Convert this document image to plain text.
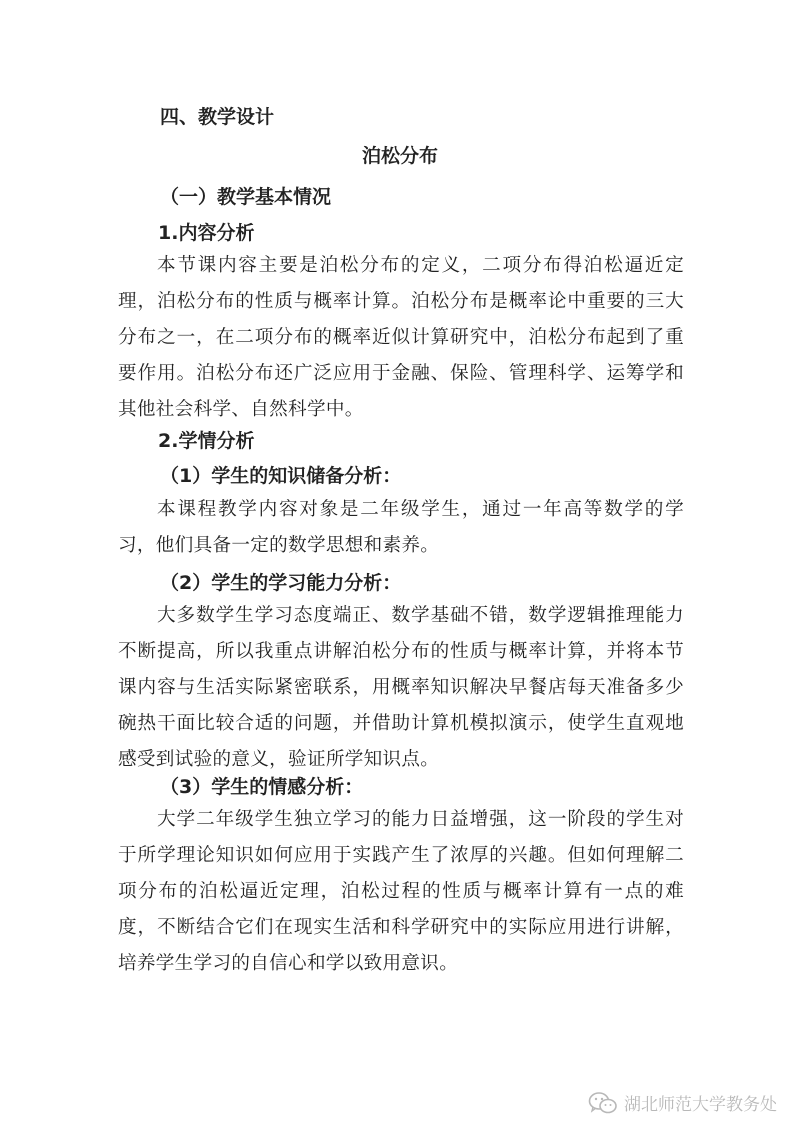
四、教学设计
泊松分布
（一）教学基本情况
1.内容分析
本节课内容主要是泊松分布的定义，二项分布得泊松逼近定理，泊松分布的性质与概率计算。泊松分布是概率论中重要的三大分布之一，在二项分布的概率近似计算研究中，泊松分布起到了重要作用。泊松分布还广泛应用于金融、保险、管理科学、运筹学和其他社会科学、自然科学中。
2.学情分析
（1）学生的知识储备分析：
本课程教学内容对象是二年级学生，通过一年高等数学的学习，他们具备一定的数学思想和素养。
（2）学生的学习能力分析：
大多数学生学习态度端正、数学基础不错，数学逻辑推理能力不断提高，所以我重点讲解泊松分布的性质与概率计算，并将本节课内容与生活实际紧密联系，用概率知识解决早餐店每天准备多少碗热干面比较合适的问题，并借助计算机模拟演示，使学生直观地感受到试验的意义，验证所学知识点。
（3）学生的情感分析：
大学二年级学生独立学习的能力日益增强，这一阶段的学生对于所学理论知识如何应用于实践产生了浓厚的兴趣。但如何理解二项分布的泊松逼近定理，泊松过程的性质与概率计算有一点的难度，不断结合它们在现实生活和科学研究中的实际应用进行讲解，培养学生学习的自信心和学以致用意识。
湖北师范大学教务处
